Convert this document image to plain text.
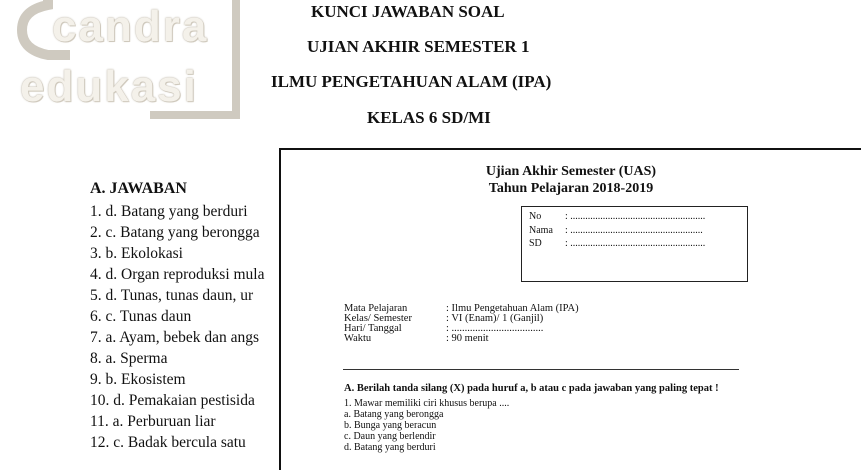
candra
edukasi
KUNCI JAWABAN SOAL
UJIAN AKHIR SEMESTER 1
ILMU PENGETAHUAN ALAM (IPA)
KELAS 6 SD/MI
A. JAWABAN
1. d. Batang yang berduri
2. c. Batang yang berongga
3. b. Ekolokasi
4. d. Organ reproduksi mula
5. d. Tunas, tunas daun, ur
6. c. Tunas daun
7. a. Ayam, bebek dan angs
8. a. Sperma
9. b. Ekosistem
10. d. Pemakaian pestisida
11. a. Perburuan liar
12. c. Badak bercula satu
Ujian Akhir Semester (UAS)
Tahun Pelajaran 2018-2019
No : ......................................................
Nama : .....................................................
SD : ......................................................
Mata Pelajaran	: Ilmu Pengetahuan Alam (IPA)
Kelas/ Semester	: VI (Enam)/ 1 (Ganjil)
Hari/ Tanggal	: ...................................
Waktu	: 90 menit
A. Berilah tanda silang (X) pada huruf a, b atau c pada jawaban yang paling tepat !
1. Mawar memiliki ciri khusus berupa ....
a. Batang yang berongga
b. Bunga yang beracun
c. Daun yang berlendir
d. Batang yang berduri
